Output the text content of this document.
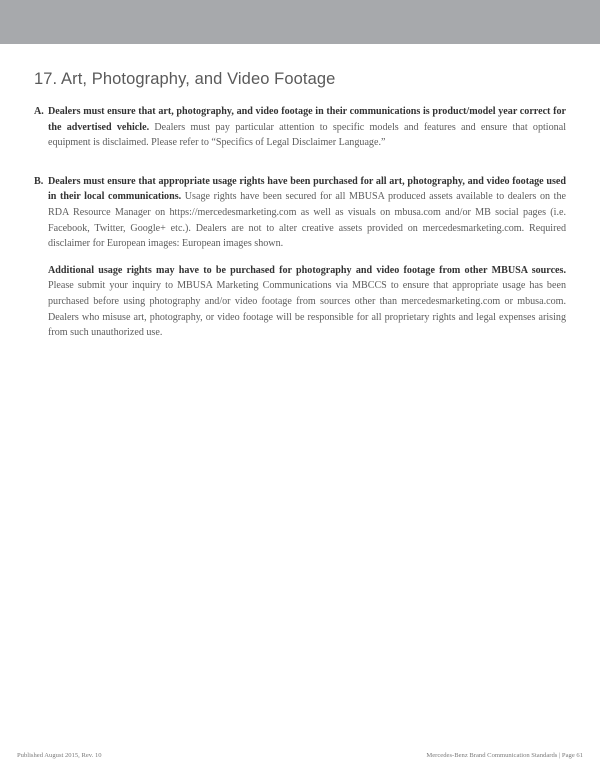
17. Art, Photography, and Video Footage
A. Dealers must ensure that art, photography, and video footage in their communications is product/model year correct for the advertised vehicle. Dealers must pay particular attention to specific models and features and ensure that optional equipment is disclaimed. Please refer to “Specifics of Legal Disclaimer Language.”

B. Dealers must ensure that appropriate usage rights have been purchased for all art, photography, and video footage used in their local communications. Usage rights have been secured for all MBUSA produced assets available to dealers on the RDA Resource Manager on https://mercedesmarketing.com as well as visuals on mbusa.com and/or MB social pages (i.e. Facebook, Twitter, Google+ etc.). Dealers are not to alter creative assets provided on mercedesmarketing.com. Required disclaimer for European images: European images shown.

Additional usage rights may have to be purchased for photography and video footage from other MBUSA sources. Please submit your inquiry to MBUSA Marketing Communications via MBCCS to ensure that appropriate usage has been purchased before using photography and/or video footage from sources other than mercedesmarketing.com or mbusa.com. Dealers who misuse art, photography, or video footage will be responsible for all proprietary rights and legal expenses arising from such unauthorized use.

Published August 2015, Rev. 10	Mercedes-Benz Brand Communication Standards | Page 61
